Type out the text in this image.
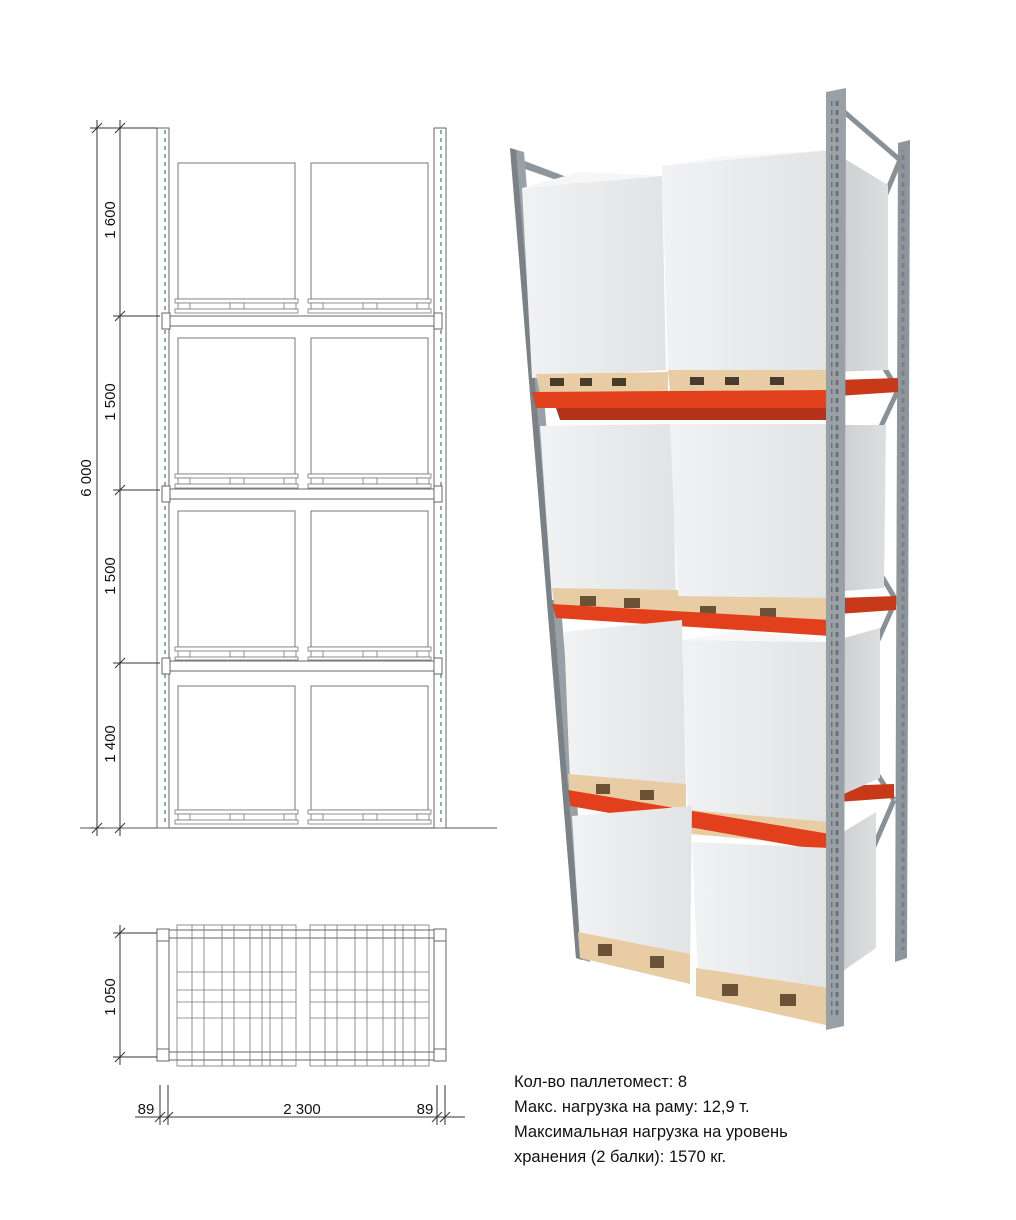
6 000
1 600
1 500
1 500
1 400
1 050
89	2 300	89
Кол-во паллетомест: 8
Макс. нагрузка на раму: 12,9 т.
Максимальная нагрузка на уровень
хранения (2 балки): 1570 кг.
